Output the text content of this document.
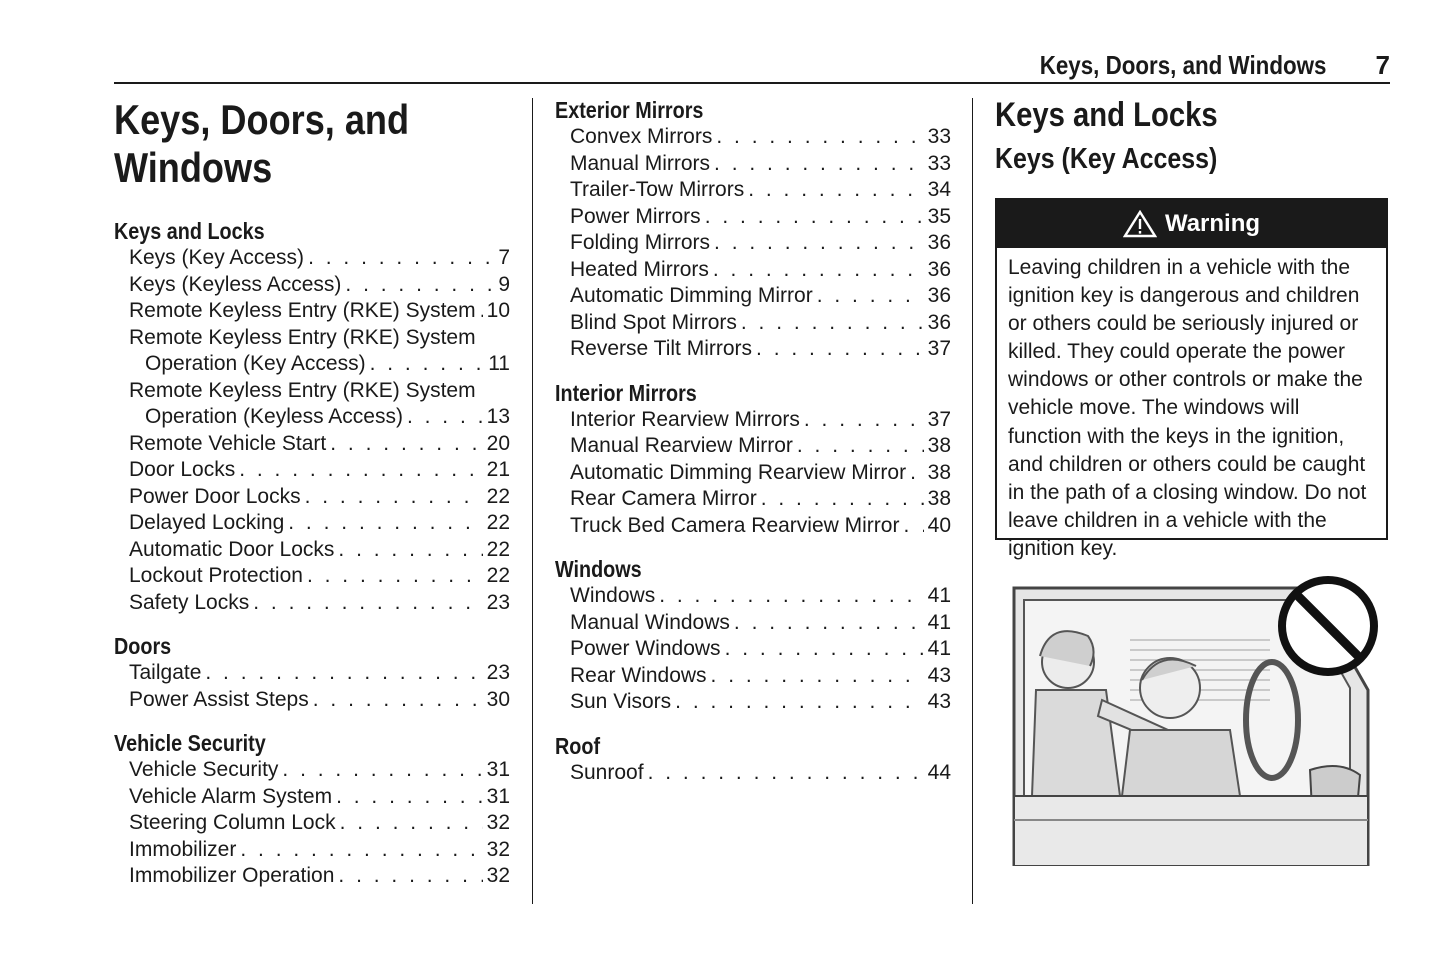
Keys, Doors, and Windows 7
Keys, Doors, and
Windows
Keys and Locks
Keys (Key Access) . . .	7
Keys (Keyless Access) . . .	9
Remote Keyless Entry (RKE) System . . . 10
Remote Keyless Entry (RKE) System
Operation (Key Access) . . .	11
Remote Keyless Entry (RKE) System
Operation (Keyless Access) . . .	13
Remote Vehicle Start . . .	20
Door Locks . . .	21
Power Door Locks . . .	22
Delayed Locking . . .	22
Automatic Door Locks . . .	22
Lockout Protection . . .	22
Safety Locks . . .	23
Doors
Tailgate . . .	23
Power Assist Steps . . .	30
Vehicle Security
Vehicle Security . . .	31
Vehicle Alarm System . . .	31
Steering Column Lock . . .	32
Immobilizer . . .	32
Immobilizer Operation . . .	32
Exterior Mirrors
Convex Mirrors . . .	33
Manual Mirrors . . .	33
Trailer-Tow Mirrors . . .	34
Power Mirrors . . .	35
Folding Mirrors . . .	36
Heated Mirrors . . .	36
Automatic Dimming Mirror . . .	36
Blind Spot Mirrors . . .	36
Reverse Tilt Mirrors . . .	37
Interior Mirrors
Interior Rearview Mirrors . . .	37
Manual Rearview Mirror . . .	38
Automatic Dimming Rearview Mirror . . . 38
Rear Camera Mirror . . .	38
Truck Bed Camera Rearview Mirror . . . 40
Windows
Windows . . .	41
Manual Windows . . .	41
Power Windows . . .	41
Rear Windows . . .	43
Sun Visors . . .	43
Roof
Sunroof . . .	44
Keys and Locks
Keys (Key Access)
Warning
Leaving children in a vehicle with the ignition key is dangerous and children or others could be seriously injured or killed. They could operate the power windows or other controls or make the vehicle move. The windows will function with the keys in the ignition, and children or others could be caught in the path of a closing window. Do not leave children in a vehicle with the ignition key.
